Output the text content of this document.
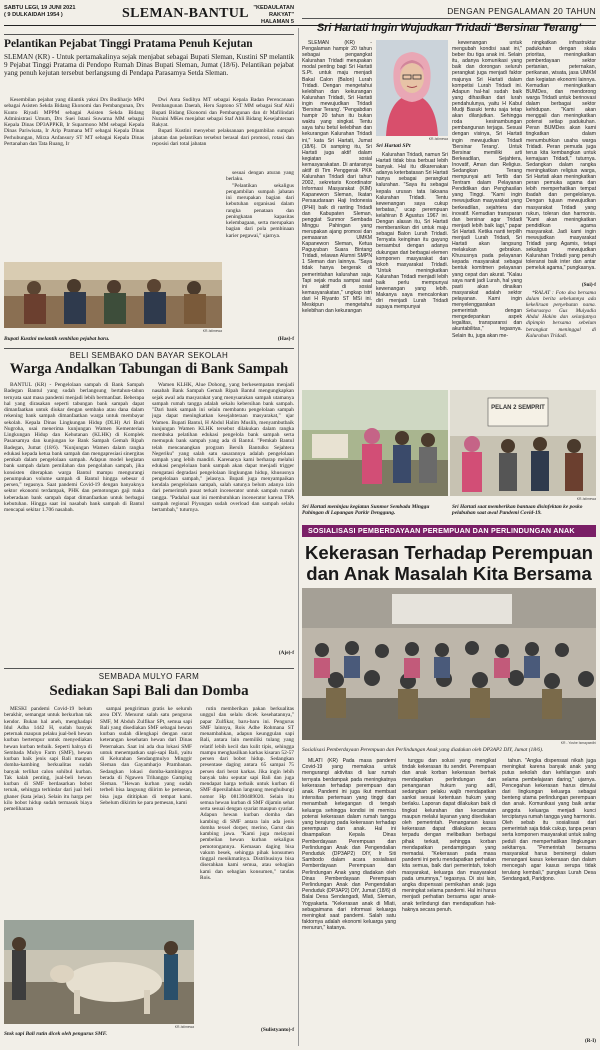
SABTU LEGI, 19 JUNI 2021
( 9 DULKAIDAH 1954 )	SLEMAN-BANTUL "KEDAULATAN RAKYAT"
HALAMAN 5
Pelantikan Pejabat Tinggi Pratama Penuh Kejutan

SLEMAN (KR) - Untuk pertamakalinya sejak menjabat sebagai Bupati Sleman, Kustini SP melantik 9 Pejabat Tinggi Pratama di Pendopo Rumah Dinas Bupati Sleman, Jumat (18/6). Pelantikan pejabat yang penuh kejutan tersebut berlangsung di Pendapa Parasamya Setda Sleman.

Kesembilan pejabat yang dilantik yakni Drs Budiharjo MPd sebagai Asisten Sekda Bidang Ekonomi dan Pembangunan, Drs Kunto Riyadi MPPM sebagai Asisten Sekda Bidang Administrasi Umum, Drs Suei Istani Suwarna MM sebagai Kepala Dinas DP3APPKB, Ir Suparmono MM sebagai Kepala Dinas Pariwisata, Ir Arip Pramana MT sebagai Kepala Dinas Perhubungan, Mirza Anfansury ST MT sebagai Kepala Dinas Pertanahan dan Tata Ruang, Ir

Dwi Anta Sudibya MT sebagai Kepala Badan Perencanaan Pembangunan Daerah, Heru Saptono ST MM sebagai Staf Ahli Bupati Bidang Ekonomi dan Pembangunan dan dr Mafilindati Nuraini MKes menjabat sebagai Staf Ahli Bidang Kesejahteraan Rakyat.

Bupati Kustini menyebut pelaksanaan pengambilan sumpah jabatan dan pelantikan tersebut berasal dari promosi, rotasi dan reposisi dari total jabatan

sesuai dengan aturan yang berlaku.

"Pelantikan sekaligus pengambilan sumpah jabatan ini merupakan bagian dari kebutuhan organisasi dalam rangka penataan dan peningkatan kapasitas kelembagaan, serta merupakan bagian dari pola pembinaan karier pegawai," ujarnya.

KR-Istimewa
Bupati Kustini melantik sembilan pejabat baru.	(Has)-f
BELI SEMBAKO DAN BAYAR SEKOLAH
Warga Andalkan Tabungan di Bank Sampah

BANTUL (KR) - Pengelolaan sampah di Bank Sampah Badegan Bantul yang sudah berlangsung bertahun-tahun ternyata saat masa pandemi menjadi lebih bermanfaat. Beberapa hal yang dirasakan seperti tabungan bank sampah dapat dimanfaatkan untuk diukar dengan sembako atau dana dalam rekening bank sampah dimanfaatkan warga untuk membayar sekolah. Kepala Dinas Lingkungan Hidup (DLH) Ari Budi Nugroha, usai menerima kunjungan Wamen Kementerian Lingkungan Hidup dan Kehutanan (KLHK) di Komplek Pasarsamya dan kunjungan ke Bank Sampah Gemah Ripah Badegan, Jumat (18/6). "Kunjungan Wamen dalam rangka edukasi kepada ketua bank sampah dan mengapresiasi sinergitas pemkab dalam pengelolaan sampah. Adapun model kegiatan bank sampah dalam pemilahan dan pengolahan sampah, jika konsisten diterapkan warga Bantul mampu mengurangi penumpukan volume sampah di Bantul hingga sebesar 4 persen," tegasnya. Saat pandemi Covid-19 dengan banyaknya sektor ekonomi terdampak, PHK dan pemotongan gaji maka keberadaan bank sampah dapat dimanfaatkan untuk berbagai kebutuhan. Hingga saat ini nasabah bank sampah di Bantul mencapai sekitar 1.706 nasabah.

Wamen KLHK, Alue Dohong, yang berkesempatan menjadi nasabah Bank Sampah Gemah Ripah Bantul mengungkapkan sejak awal ada masyarakat yang menyuarakan sampah utamanya sampah rumah tangga adalah sekalu kebersihan bank sampah. "Dari bank sampah ini selain membantu pengelolaan sampah juga dapat meningkatkan kesejahteraan masyarakat," ujar Wamen. Bupati Bantul, H Abdul Halim Muslih, menyambutbaik kunjungan Wamen KLHK tersebut dilakukan dalam rangka membuka pelatihan edukasi pengelola bank sampah serta memupuk bank sampah yang ada di Bantul. "Pemkab Bantul telah mencanangkan program Bersih Bantulku Sejahtera Negeriku" yang salah satu sasarannya adalah pengelolaan sampah yang lebih mandiri. Karenanya kami berharap melalui edukasi pengelolaan bank sampah akan dapat menjadi trigger mengatasi degradasi pengelolaan lingkungan hidup, khususnya pengelolaan sampah," jelasnya. Bupati juga menyampaikan kendala pengelolaan sampah, salah satunya belum adanya izin dari pemerintah pusat terkait incenerator untuk sampah rumah tangga. "Padahal saat ini membutuhkan incenerator karena TPA sampah regional Piyungan sudah overload dan sampah selalu bertambah," tuturnya.

(Aje)-f
SEMBADA MULYO FARM
Sediakan Sapi Bali dan Domba

MESKI pandemi Covid-19 belum berakhir, semangat untuk berkurban tak kendor. Bukan hal aneh, menghadapi Idul Adha 1442 H, sudah banyak peternak maupun pelaku jual-beli hewan kurban bertempur untuk menyediakan hewan kurban terbaik. Seperti halnya di Sembada Mulyo Farm (SMF), hewan kurban baik jenis sapi Bali maupun domba-kambing berkualitas sudah banyak terlihat calon sohibul kurban. Tak kalah penting, jual-beli hewan kurban di SMF berdasarkan bobot ternak, sehingga terhindar dari jual beli ghaner (kata jelas). Selain itu harga per kilo bobot hidup sudah termasuk biaya pemeliharaan

sampai pengiriman gratis ke seluruh area DIY. Menurut salah satu pengurus SMF, M Abduh Zulfikar SPt, semua sapi Bali yang disediakan SMF sebagai hewan kurban sudah dilengkapi dengan surat keterangan kesehatan hewan dari Dinas Peternakan. Saat ini ada dua lokasi SMF untuk menempatkan sapi-sapi Bali, yaitu di Kelurahan Sendangmulyo Minggir Sleman dan Gayamharjo Prambanan. Sedangkan lokasi domba-kambingnya berada di Ngawen Trihanggo Gamping Sleman. "Hewan kurban yang sudah terbeli bisa langsung diiirim ke pemesan, bisa juga dititipkan di tempat kami. Sebelum dikirim ke para pemesan, kami

rutin memberikan pakan berkualitas unggul dan selalu dicek kesehatannya," papar Zulfikar, baru-baru ini. Pengurus SMF lainnya, Rois Adhe Rohmana ST menambahkan, adapun keunggulan sapi Bali, antara lain memiliki tulang yang relatif lebih kecil dan kulit tipis, sehingga mampu menghasilkan karkas kisaran 52-57 persen dari bobot hidup. Sedangkan presentase daging antara 65 sampai 75 persen dari berat karkas. Jika ingin lebih banyak tahu seputar sapi Bali dan juga mendapat harga terbaik untuk kurban di SMF dipersilahkan langsung menghubungi nomor Hp 081390489020. Selain itu semua hewan kurban di SMF dijamin sehat serta sesuai dengan syariat maupun syariat. Adapun hewan kurban domba dan kambing di SMF antara lain ada jenis domba texsel dorper, merino, Garut dan kambing jawa. "Kami juga melayani pembelian hewan kurban sekaligus pemotongannya. Kemasan daging bisa vakum besek, sehingga pihak konsumen tinggal menikmatinya. Distribusinya bisa diserahkan kami semua, atau sebagian kami dan sebagian konsumen," tandas Rois.

KR-Istimewa
Stok sapi Bali rutin dicek oleh pengurus SMF.
(Sulistyanto)-f
DENGAN PENGALAMAN 20 TAHUN
Sri Hartati Ingin Wujudkan Tridadi 'Bersinar Terang'

SLEMAN (KR) - Pengalaman hampir 20 tahun sebagai pengangkat Kalurahan Tridadi merupakan modal penting bagi Sri Hartati S.Pt. untuk maju menjadi Bakal Calon (Balon) Lurah Tridadi. Dengan mengetahui kelebihan dan kekurangan Kalurahan Tridadi, Sri Hartati ingin mewujudkan Tridadi 'Bersinar Terang'. "Pengabdian hampir 20 tahun itu bukan waktu yang singkat. Tentu saya tahu betul kelebihan dan kekurangan Kalurahan Tridadi ini," kata Sri Hartati, Jumat (18/6). Di samping itu, Sri Hartati juga aktif dalam kegiatan sosial kemasyarakatan. Di antaranya aktif di Tim Penggerak PKK Kalurahan Tridadi dari tahun 2002, sekretaris Koordinator Informasi Masyarakat (KIM) Kapanewon Sleman, Ikatan Persaudaraan Haji Indonesia (IPHI) baik di ranting Tridadi dan Kabupaten Sleman, penggiat Sunmor Sembada Minggu Pahingan yang merupakan ajang promosi dan pemasaran UMKM Kapanewon Sleman, Ketua Paguyuban Suara Bintang Tridadi, relawan Alumni SMPN 1 Sleman dan lainnya. "Saya tidak hanya bergerak di pemerintahan kalurahan saja. Tapi sejak muda sampai saat ini aktif di sosial kemasyarakatan," ungkap istri dari H Riyanto ST MSi ini. Meskipun mengetahui kelebihan dan kekurangan

KR-Istimewa
Sri Hartati SPt

Kalurahan Tridadi, namun Sri Hartati tidak bisa berbuat lebih banyak. Hal itu dikarenakan adanya keterbatasan Sri Hartati hanya sebagai perangkat kalurahan. "Saya itu sebagai kepala urusan tata laksana Kalurahan Tridadi. Tentu kewenangan saya cukup terbatas," ucap perempuan kelahiran 8 Agustus 1967 ini. Dengan alasan itu, Sri Hartati memberanikan diri untuk maju sebagai Balon Lurah Tridadi. Ternyata keinginan itu gayung bersambut dengan adanya dukungan dari berbagai elemen komponen masyarakat dan tokoh masyarakat Tridadi. "Untuk meningkatkan Kalurahan Tridadi menjadi lebih baik perlu mempunyai kewenangan yang lebih. Makanya saya mencalonkan diri menjadi Lurah Tridadi supaya mempunyai

kewenangan untuk mengubah kondisi saat ini," beber ibu tiga anak ini. Selain itu, adanya komunikasi yang baik dan dorongan seluruh perangkat juga menjadi faktor majunya Sri Hartati dalam kompetisi Lurah Tridadi ini. Adapun hal-hal sudah baik yang dihasilkan dari lurah pendahulunya, yaitu H Kabul Mudji Basuki tentu saja tetap akan dilanjutkan. Sehingga roda kesinambungan pembangunan terjaga. Sesuai dengan visinya, Sri Hartati ingin mewujudkan Tridadi 'Bersinar Terang'. Untuk Bersinar memiliki arti Berkeadilan, Sejahtera, Inovatif, Aman dan Religius. Sedangkan Terang mempunyai arti Tertib dan Tentram dalam Pelayanan Pendidikan dan Penghasilan yang Tinggi. "Kami ingin mewujudkan masyarakat yang berkeadilan, sejahtera dan inovatif. Kemudian transparan dan bersinar agar Tridadi menjadi lebih baik lagi," papar Sri Hartati. Ketika nanti terpilih menjadi Lurah Tridadi, Sri Hartati akan langsung melakukan gebrakan. Khususnya pada pelayanan kepada masyarakat sebagai bentuk komitmen pelayanan yang cepat dan akurat. "Kalau saya nanti jadi Lurah, hal yang pasti akan dinaikan masyarakat adalah sektor pelayanan. Kami ingin menyelenggarakan pemerintah dengan mengedepankan aspek legalitas, transparansi dan akuntabilitas," tegasnya. Selain itu, juga akan me-

ningkatkan infrastruktur padukuhan dengan skala prioritas, meningkatkan pemberdayaan sektor pertanian, peternakan, perikanan, wisata, jasa UMKM dan kegiatan ekonomi lainnya. Kemudian meningkatkan BUMDes, dan mendorong warga Tridadi untuk berinovasi dalam berbagai sektor kehidupan. "Kami akan menggali dan meningkatkan potensi setiap padukuhan. Peran BUMDes akan kami tingkatkan dalam menumbuhkan usaha warga Tridadi. Peran pemuda juga terus kita kembangkan untuk kemajuan Tridadi," tuturnya. Sedangkan dalam rangka meningkatkan religius warga, Sri Hartati akan meningkatkan peran pemuka agama dan lebih memperhatikan tempat ibadah dan pengelolanya. Dengan tujuan mewujudkan masyarakat Tridadi yang rukun, toleran dan harmonis. "Kami akan meningkatkan pendidikan agama masyarakat. Jadi kami ingin mewujudkan masyarakat Tridadi yang Agamis, tetapi sekaligus mewujudkan Kalurahan Tridadi yang penuh toleransi baik inter dan antar pemeluk agama," pungkasnya.

(Sni)-f

*RALAT : Foto doa bersama dalam berita sebelumnya ada kekeliruan penyebutan nama. Seharusnya Gus Muiyadia Abdul Hakim dan selanjutnya dipimpin bersama sebelum berangkat meninggal di Kalurahan Tridadi.

PELAN 2 SEMPRIT
KR-Istimewa
Sri Hartati meninjau kegiatan Sunmor Sembada Minggu Pahingan di Lapangan Parkir Denggung.
Sri Hartati saat memberikan bantuan disinfektan ke posko pelabuhan saat awal Pandemi Covid-19.
SOSIALISASI PEMBERDAYAAN PEREMPUAN DAN PERLINDUNGAN ANAK
Kekerasan Terhadap Perempuan dan Anak Masalah Kita Bersama
KR - Yoshe Ismayaedhi
Sosialisasi Pemberdayaan Perempuan dan Perlindungan Anak yang diadakan oleh DP3AP2 DIY, Jumat (18/6).

MLATI (KR) Pada masa pandemi Covid-19 yang memaksa untuk mengurangi aktivitas di luar rumah ternyata berdampak pada meningkatnya kekerasan terhadap perempuan dan anak. Pandemi ini juga ikut membuat intensitas pertemuan yang tinggi dan menambah ketegangan di tengah keluarga sehingga kondisi ini memicu potensi kekerasan dalam rumah tangga yang berujung pada kekerasan terhadap perempuan dan anak. Hal ini disampaikan Kepala Dinas Pemberdayaan Perempuan dan Perlindungan Anak dan Pengendalian Penduduk (DP3AP2) DIY, Ir Siti Sambodo dalam acara sosialisasi Pemberdayaan Perempuan dan Perlindungan Anak yang diadakan oleh Dinas Pemberdayaan Perempuan Perlindungan Anak dan Pengendalian Penduduk (DP3AP2) DIY, Jumat (18/6) di Balai Desa Sendangadi, Mlati, Sleman, Yogyakarta. "Kekerasan anak di Mlati, sebagaimana dari informasi keluarga meningkat saat pandemi. Salah satu faktornya adalah ekonomi keluarga yang menurun," katanya.

tunggu dan solusi yang mengikat tindak kekerasan itu sendiri. Perempuan dan anak korban kekerasan berhak mendapatkan perlindungan dan penanganan hukum yang adil, sedangkan pelaku wajib mendapatkan sanksi sesuai ketentuan hukum yang berlaku. Laporan dapat dilakukan baik di tingkat kelurahan dan kecamatan maupun melalui layanan yang disediakan oleh pemerintah. Penanganan kasus kekerasan dapat dilakukan secara terpadu dengan melibatkan berbagai pihak terkait, sehingga korban mendapatkan pendampingan yang memadai. "Kekerasan pada masa pandemi ini perlu mendapatkan perhatian kita semua, baik dari pemerintah, tokoh masyarakat, keluarga dan masyarakat pada umumnya," tegasnya. Di sisi lain, angka dispensasi pernikahan anak juga meningkat selama pandemi. Hal ini harus menjadi perhatian bersama agar anak-anak terlindungi dan mendapatkan hak-haknya secara penuh.

tahun. "Angka dispensasi nikah juga meningkat karena banyak anak yang putus sekolah dan kehilangan arah selama pembelajaran daring," ujarnya. Pencegahan kekerasan harus dimulai dari lingkungan keluarga sebagai benteng utama perlindungan perempuan dan anak. Komunikasi yang baik antar anggota keluarga menjadi kunci terciptanya rumah tangga yang harmonis. Oleh sebab itu sosialisasi dari pemerintah saja tidak cukup, tanpa peran serta komponen masyarakat untuk saling peduli dan memperhatikan lingkungan sekitarnya. "Pemerintah bersama masyarakat harus bersinergi dalam menangani kasus kekerasan dan dalam mencegah agar kasus serupa tidak terulang kembali," pungkas Lurah Desa Sendangadi, Paridjono.

(R-I)
